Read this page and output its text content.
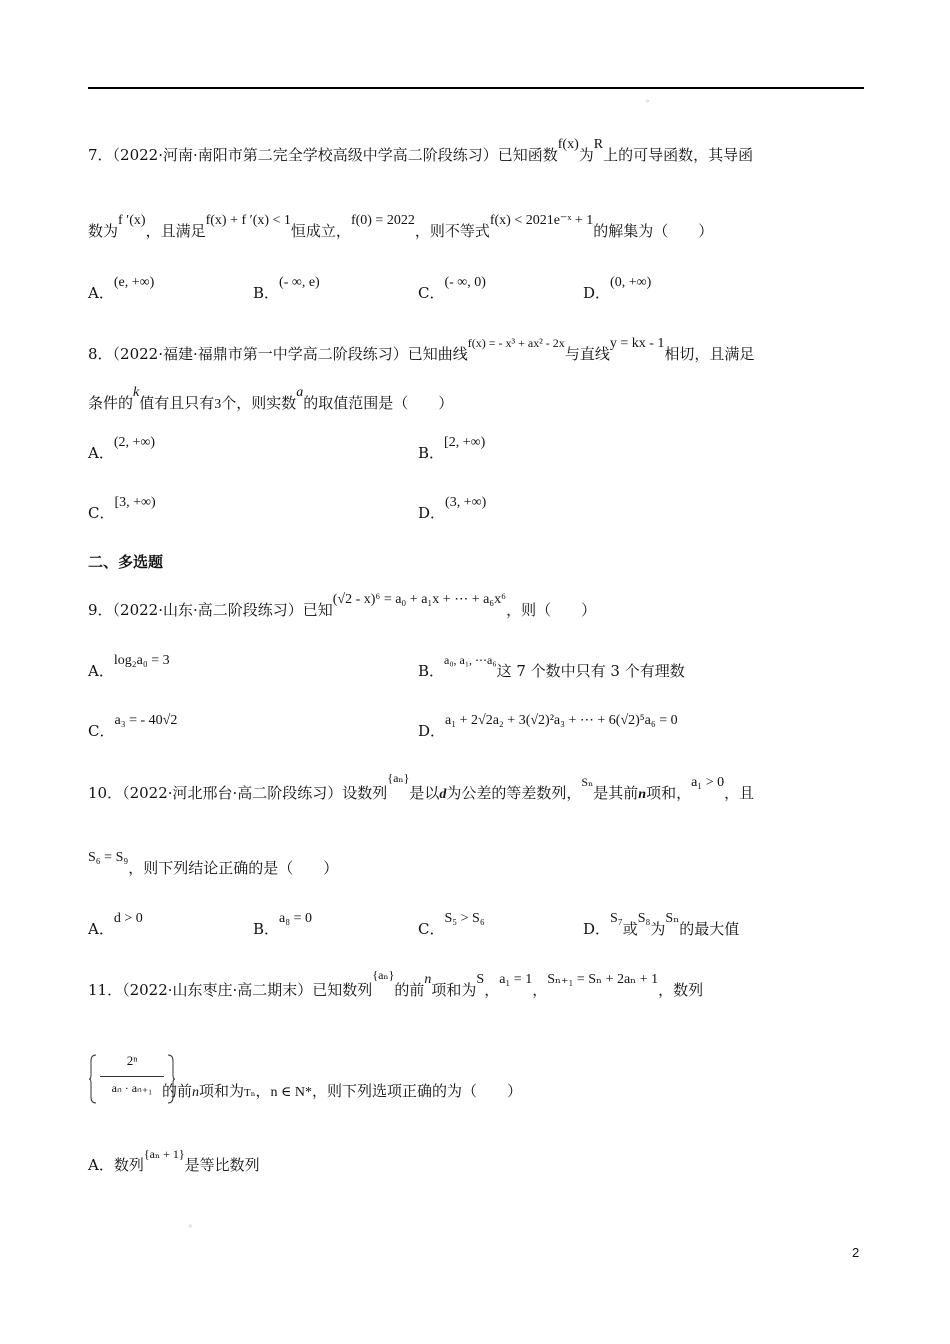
◦
7．（2022·河南·南阳市第二完全学校高级中学高二阶段练习）已知函数f(x)为R上的可导函数，其导函
数为f ′(x)，且满足f(x) + f ′(x) < 1恒成立，f(0) = 2022，则不等式f(x) < 2021e⁻ˣ + 1的解集为（　　）
A．(e, +∞)
B．(- ∞, e)
C．(- ∞, 0)
D．(0, +∞)
8．（2022·福建·福鼎市第一中学高二阶段练习）已知曲线$^{f(x) = - x^3 + ax^2 - 2x}$与直线y = kx - 1相切，且满足
条件的k值有且只有3个，则实数a的取值范围是（　　）
A．(2, +∞)
B．[2, +∞)
C．[3, +∞)
D．(3, +∞)
二、多选题
9．（2022·山东·高二阶段练习）已知(√2 - x)⁶ = a₀ + a₁x + ⋯ + a₆x⁶，则（　　）
A．log₂a₀ = 3
B．$^{a_0, a_1, \cdots a_6}$这 7 个数中只有 3 个有理数
C．a₃ = - 40√2
D．a₁ + 2√2a₂ + 3(√2)²a₃ + ⋯ + 6(√2)⁵a₆ = 0
10．（2022·河北邢台·高二阶段练习）设数列$^{\{a_n\}}$是以d为公差的等差数列，$^{S_n}$是其前n项和，a₁ > 0，且
S₆ = S₉，则下列结论正确的是（　　）
A．d > 0
B．a₈ = 0
C．S₅ > S₆
D．S₇或S₈为Sₙ的最大值
11．（2022·山东枣庄·高二期末）已知数列$^{\{a_n\}}$的前n项和为S，a₁ = 1，Sₙ₊₁ = Sₙ + 2aₙ + 1，数列
2ⁿ
aₙ · aₙ₊₁ 的前n项和为Tₙ，n ∈ N*，则下列选项正确的为（　　）
A．数列$^{\{a_n + 1\}}$是等比数列
◦
2
